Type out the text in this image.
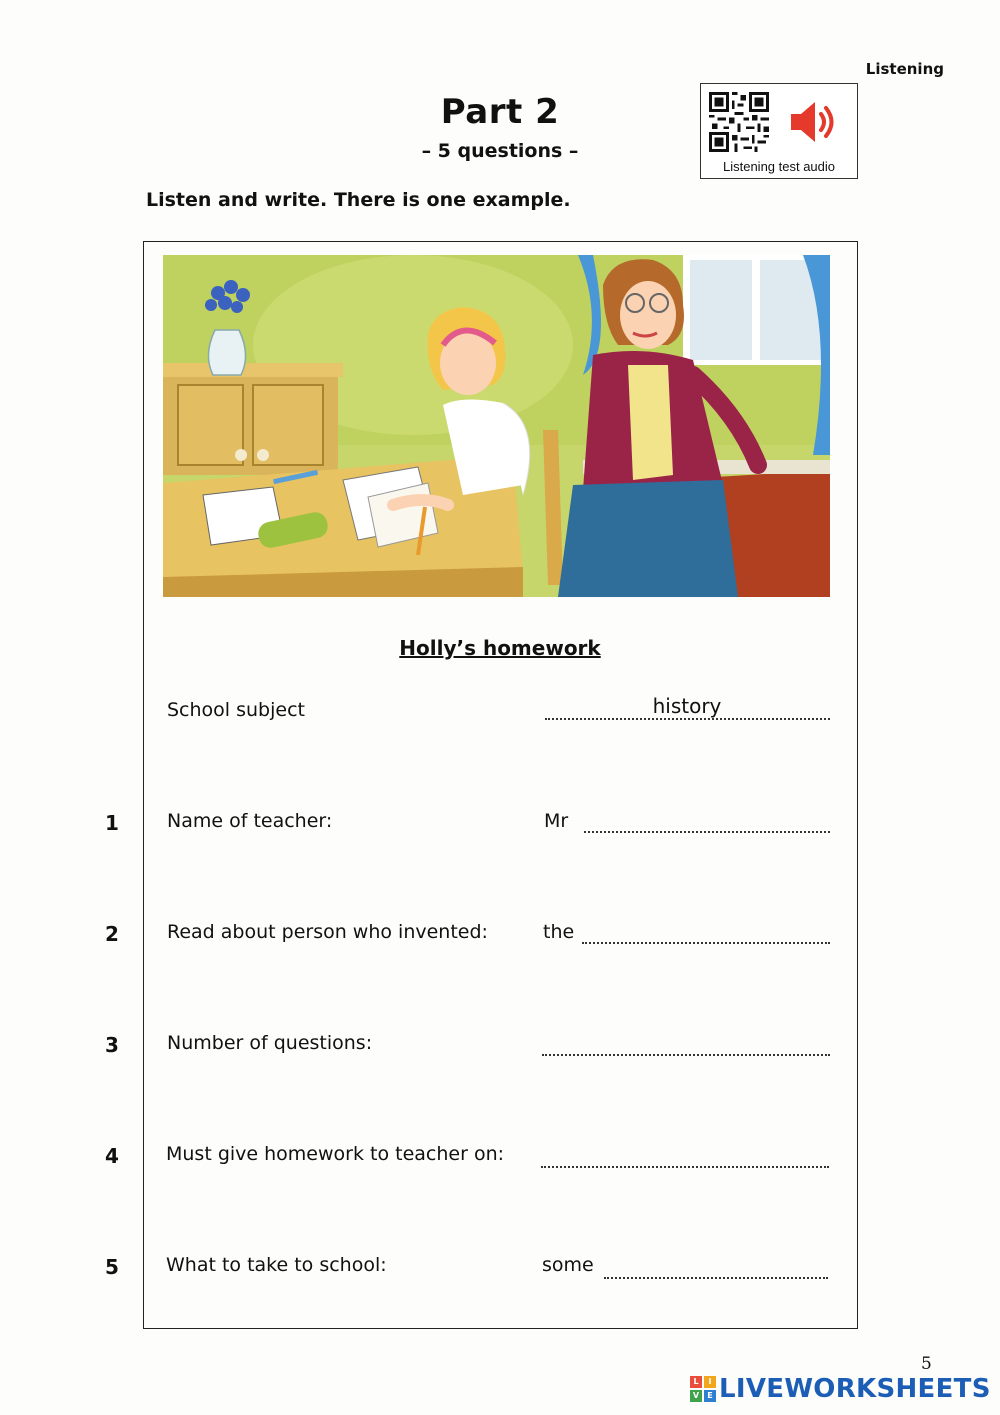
Listening
Part 2
– 5 questions –
Listening test audio
Listen and write. There is one example.
Holly’s homework
School subject	history
1	Name of teacher:	Mr
2	Read about person who invented:	the
3	Number of questions:
4	Must give homework to teacher on:
5	What to take to school:	some
5
L	I
V	E LIVEWORKSHEETS
